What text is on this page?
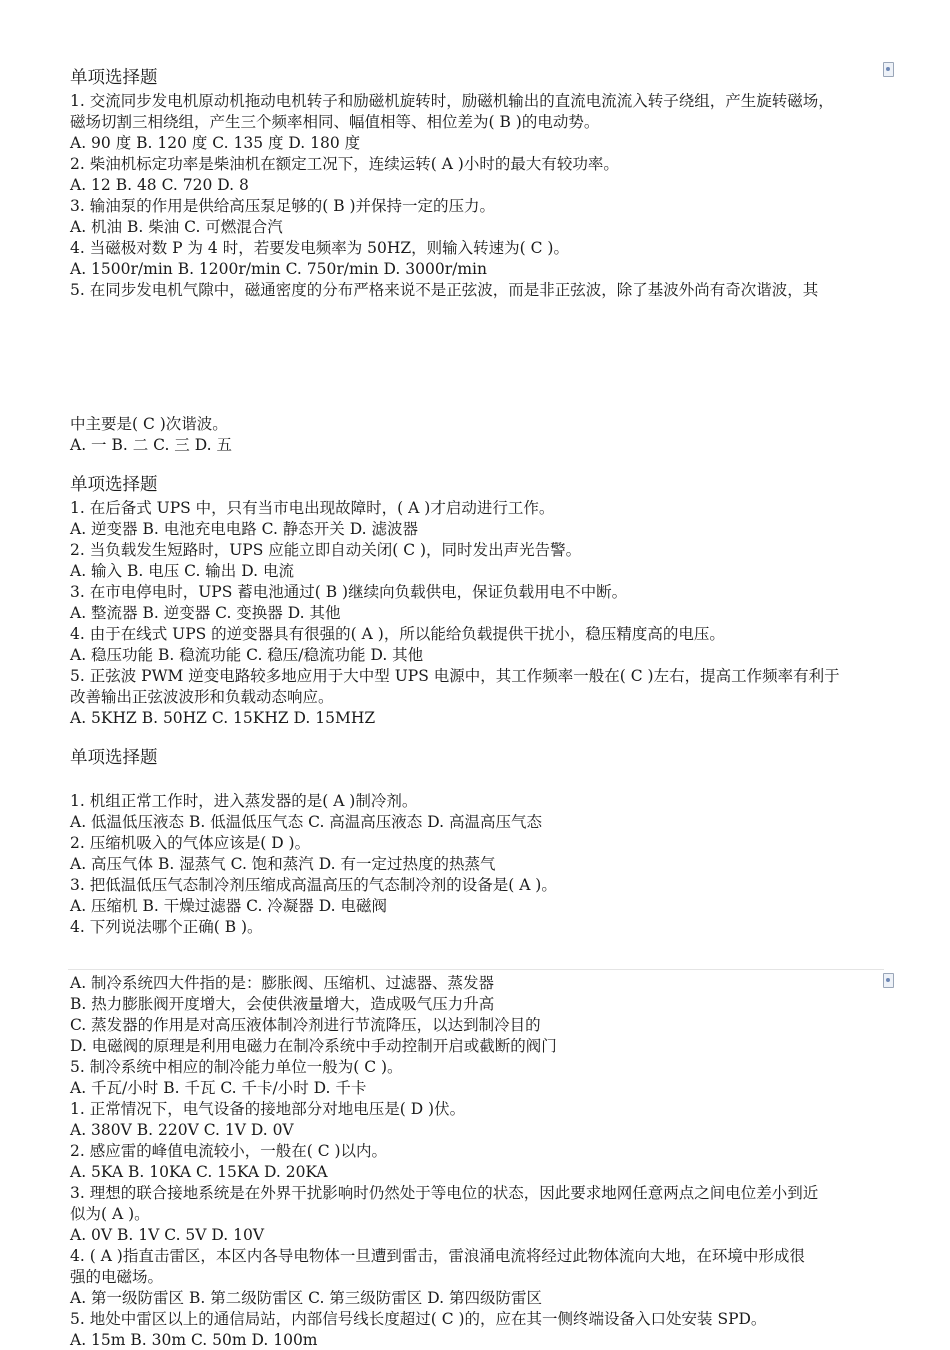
单项选择题
1. 交流同步发电机原动机拖动电机转子和励磁机旋转时，励磁机输出的直流电流流入转子绕组，产生旋转磁场，
磁场切割三相绕组，产生三个频率相同、幅值相等、相位差为( B )的电动势。
A. 90 度 B. 120 度 C. 135 度 D. 180 度
2. 柴油机标定功率是柴油机在额定工况下，连续运转( A )小时的最大有较功率。
A. 12 B. 48 C. 720 D. 8
3. 输油泵的作用是供给高压泵足够的( B )并保持一定的压力。
A. 机油 B. 柴油 C. 可燃混合汽
4. 当磁极对数 P 为 4 时，若要发电频率为 50HZ，则输入转速为( C )。
A. 1500r/min B. 1200r/min C. 750r/min D. 3000r/min
5. 在同步发电机气隙中，磁通密度的分布严格来说不是正弦波，而是非正弦波，除了基波外尚有奇次谐波，其
中主要是( C )次谐波。
A. 一 B. 二 C. 三 D. 五
单项选择题
1. 在后备式 UPS 中，只有当市电出现故障时，( A )才启动进行工作。
A. 逆变器 B. 电池充电电路 C. 静态开关 D. 滤波器
2. 当负载发生短路时，UPS 应能立即自动关闭( C )，同时发出声光告警。
A. 输入 B. 电压 C. 输出 D. 电流
3. 在市电停电时，UPS 蓄电池通过( B )继续向负载供电，保证负载用电不中断。
A. 整流器 B. 逆变器 C. 变换器 D. 其他
4. 由于在线式 UPS 的逆变器具有很强的( A )，所以能给负载提供干扰小，稳压精度高的电压。
A. 稳压功能 B. 稳流功能 C. 稳压/稳流功能 D. 其他
5. 正弦波 PWM 逆变电路较多地应用于大中型 UPS 电源中，其工作频率一般在( C )左右，提高工作频率有利于
改善输出正弦波波形和负载动态响应。
A. 5KHZ B. 50HZ C. 15KHZ D. 15MHZ
单项选择题
1. 机组正常工作时，进入蒸发器的是( A )制冷剂。
A. 低温低压液态 B. 低温低压气态 C. 高温高压液态 D. 高温高压气态
2. 压缩机吸入的气体应该是( D )。
A. 高压气体 B. 湿蒸气 C. 饱和蒸汽 D. 有一定过热度的热蒸气
3. 把低温低压气态制冷剂压缩成高温高压的气态制冷剂的设备是( A )。
A. 压缩机 B. 干燥过滤器 C. 冷凝器 D. 电磁阀
4. 下列说法哪个正确( B )。
A. 制冷系统四大件指的是：膨胀阀、压缩机、过滤器、蒸发器
B. 热力膨胀阀开度增大，会使供液量增大，造成吸气压力升高
C. 蒸发器的作用是对高压液体制冷剂进行节流降压，以达到制冷目的
D. 电磁阀的原理是利用电磁力在制冷系统中手动控制开启或截断的阀门
5. 制冷系统中相应的制冷能力单位一般为( C )。
A. 千瓦/小时 B. 千瓦 C. 千卡/小时 D. 千卡
1. 正常情况下，电气设备的接地部分对地电压是( D )伏。
A. 380V B. 220V C. 1V D. 0V
2. 感应雷的峰值电流较小，一般在( C )以内。
A. 5KA B. 10KA C. 15KA D. 20KA
3. 理想的联合接地系统是在外界干扰影响时仍然处于等电位的状态，因此要求地网任意两点之间电位差小到近
似为( A )。
A. 0V B. 1V C. 5V D. 10V
4. ( A )指直击雷区，本区内各导电物体一旦遭到雷击，雷浪涌电流将经过此物体流向大地，在环境中形成很
强的电磁场。
A. 第一级防雷区 B. 第二级防雷区 C. 第三级防雷区 D. 第四级防雷区
5. 地处中雷区以上的通信局站，内部信号线长度超过( C )的，应在其一侧终端设备入口处安装 SPD。
A. 15m B. 30m C. 50m D. 100m
